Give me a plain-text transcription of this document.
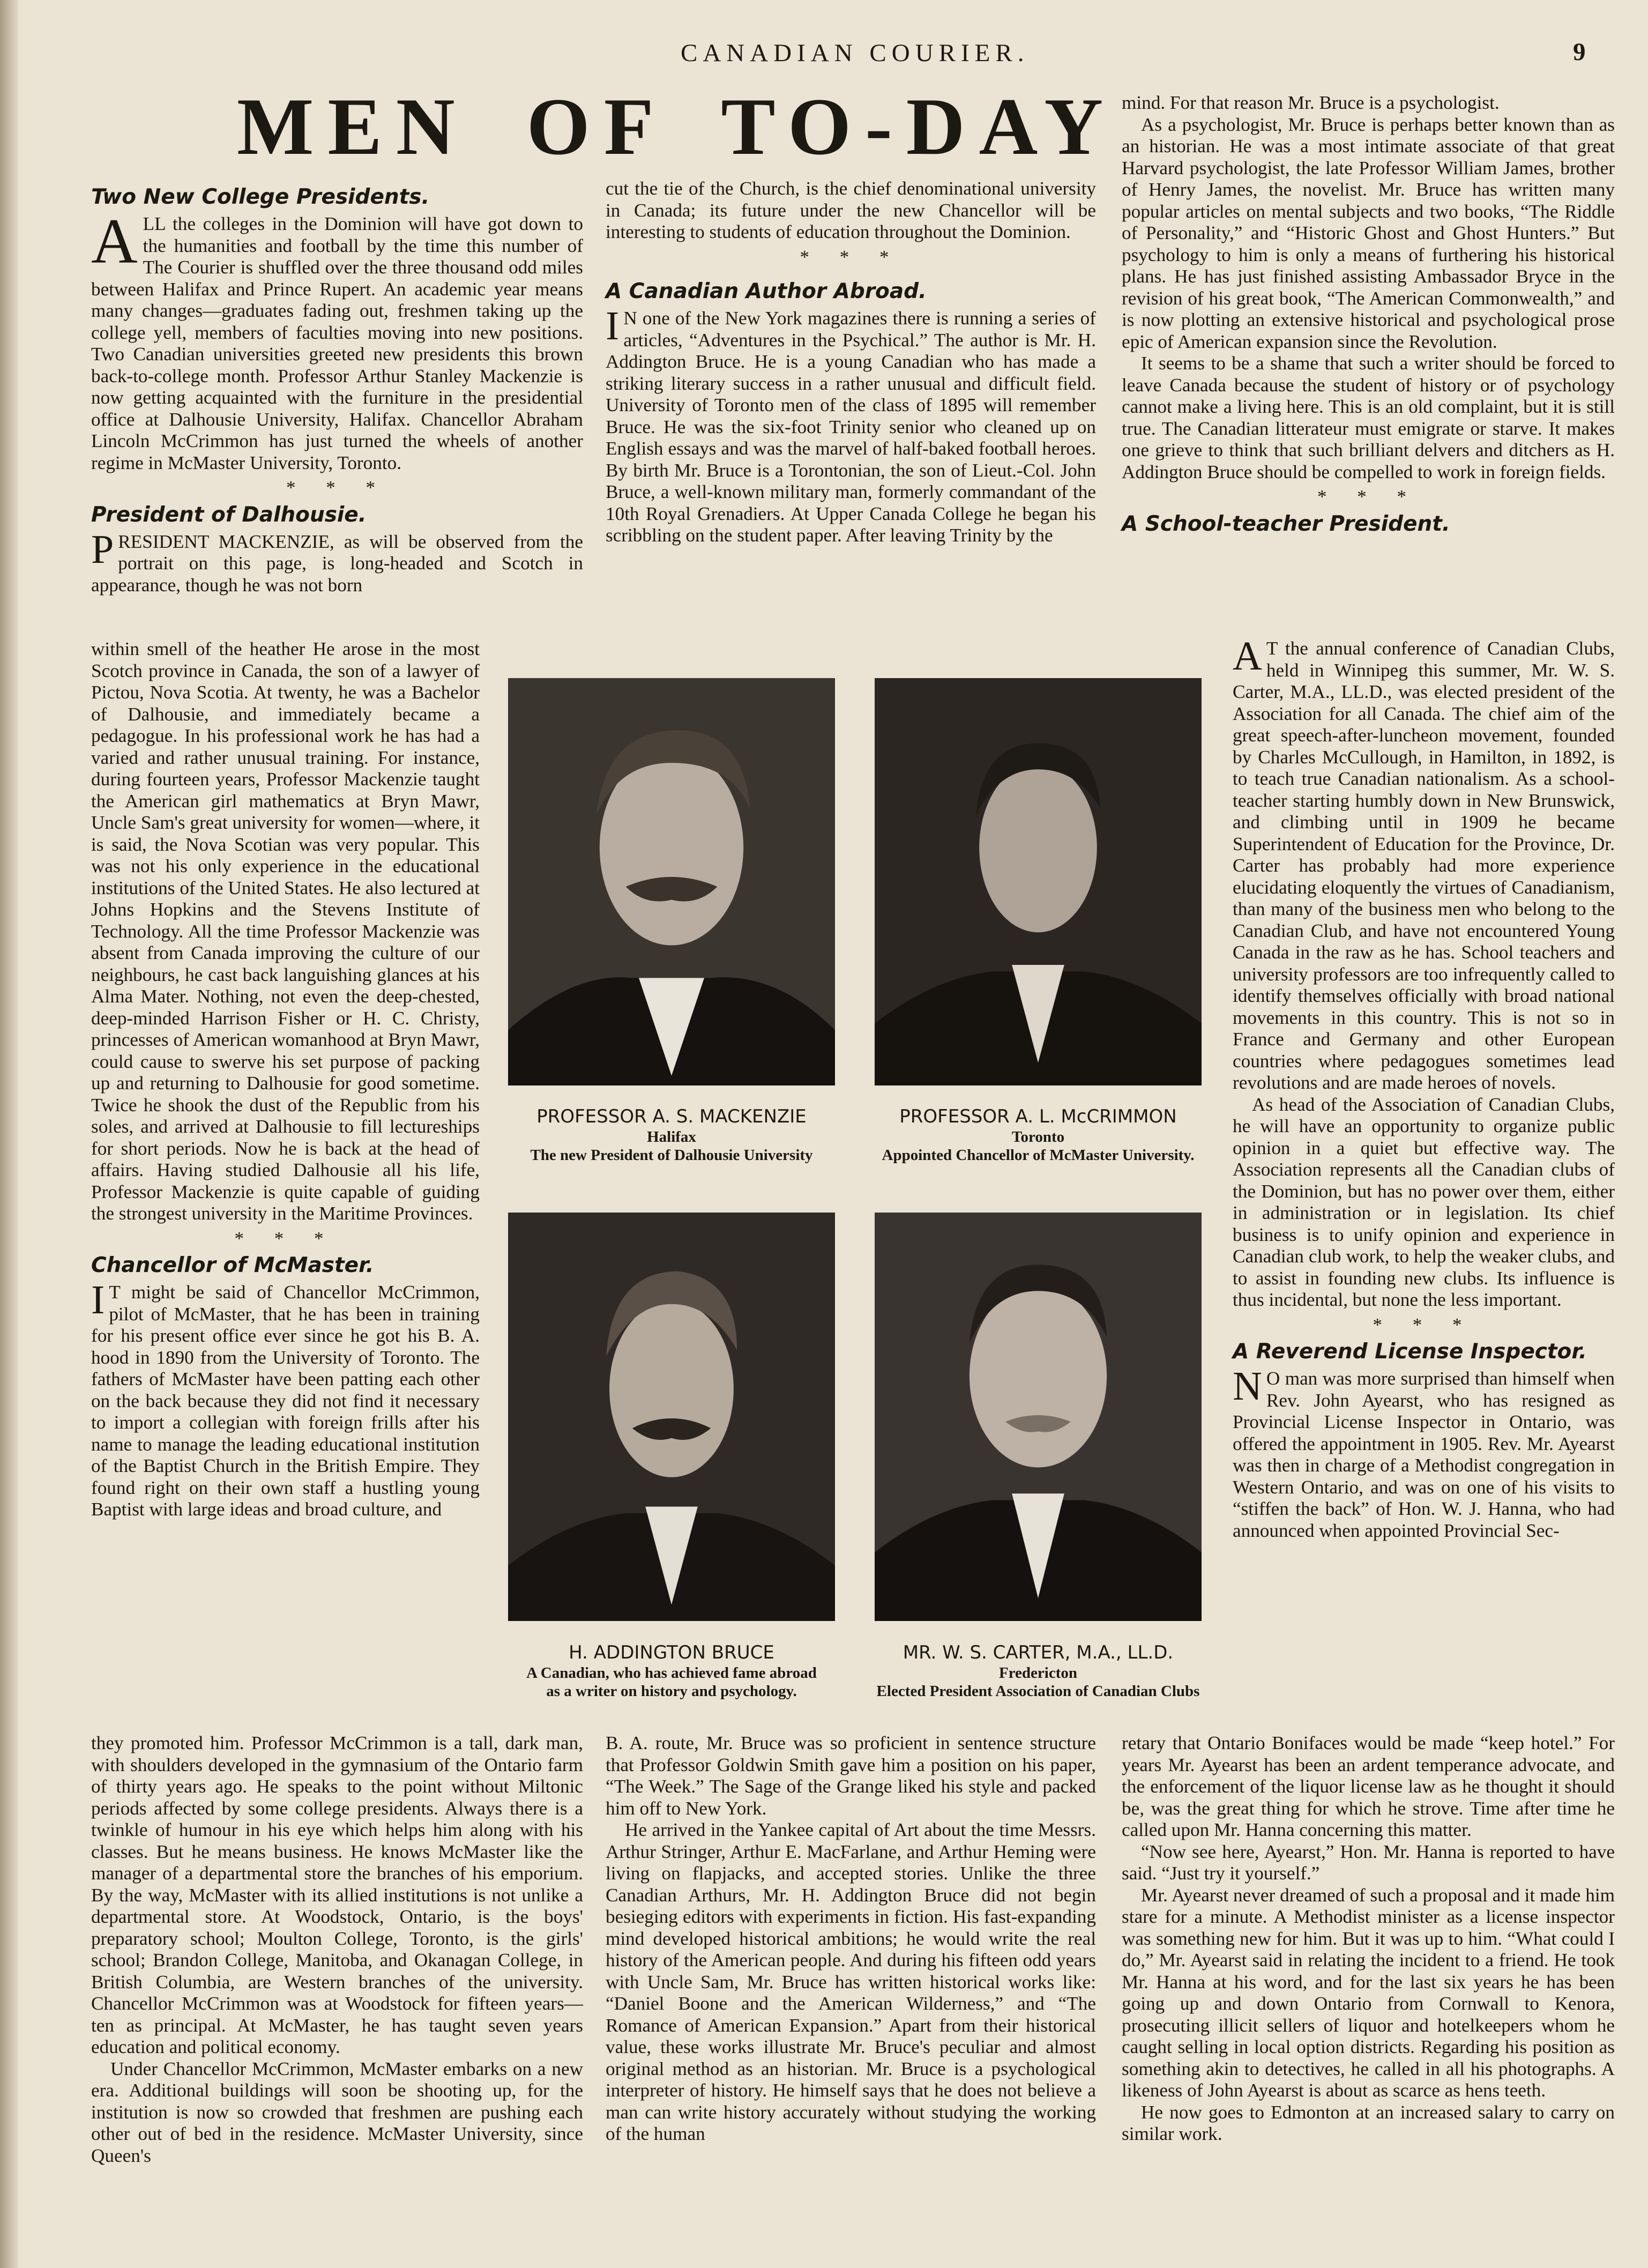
CANADIAN COURIER.	9
MEN OF TO-DAY
Two New College Presidents.
A LL the colleges in the Dominion will have got down to the humanities and football by the time this number of The Courier is shuffled over the three thousand odd miles between Halifax and Prince Rupert. An academic year means many changes—graduates fading out, freshmen taking up the college yell, members of faculties moving into new positions. Two Canadian universities greeted new presidents this brown back-to-college month. Professor Arthur Stanley Mackenzie is now getting acquainted with the furniture in the presidential office at Dalhousie University, Halifax. Chancellor Abraham Lincoln McCrimmon has just turned the wheels of another regime in McMaster University, Toronto.

* * *
President of Dalhousie.
P RESIDENT MACKENZIE, as will be observed from the portrait on this page, is long-headed and Scotch in appearance, though he was not born

within smell of the heather He arose in the most Scotch province in Canada, the son of a lawyer of Pictou, Nova Scotia. At twenty, he was a Bachelor of Dalhousie, and immediately became a pedagogue. In his professional work he has had a varied and rather unusual training. For instance, during fourteen years, Professor Mackenzie taught the American girl mathematics at Bryn Mawr, Uncle Sam's great university for women—where, it is said, the Nova Scotian was very popular. This was not his only experience in the educational institutions of the United States. He also lectured at Johns Hopkins and the Stevens Institute of Technology. All the time Professor Mackenzie was absent from Canada improving the culture of our neighbours, he cast back languishing glances at his Alma Mater. Nothing, not even the deep-chested, deep-minded Harrison Fisher or H. C. Christy, princesses of American womanhood at Bryn Mawr, could cause to swerve his set purpose of packing up and returning to Dalhousie for good sometime. Twice he shook the dust of the Republic from his soles, and arrived at Dalhousie to fill lectureships for short periods. Now he is back at the head of affairs. Having studied Dalhousie all his life, Professor Mackenzie is quite capable of guiding the strongest university in the Maritime Provinces.

* * *
Chancellor of McMaster.
I T might be said of Chancellor McCrimmon, pilot of McMaster, that he has been in training for his present office ever since he got his B. A. hood in 1890 from the University of Toronto. The fathers of McMaster have been patting each other on the back because they did not find it necessary to import a collegian with foreign frills after his name to manage the leading educational institution of the Baptist Church in the British Empire. They found right on their own staff a hustling young Baptist with large ideas and broad culture, and

they promoted him. Professor McCrimmon is a tall, dark man, with shoulders developed in the gymnasium of the Ontario farm of thirty years ago. He speaks to the point without Miltonic periods affected by some college presidents. Always there is a twinkle of humour in his eye which helps him along with his classes. But he means business. He knows McMaster like the manager of a departmental store the branches of his emporium. By the way, McMaster with its allied institutions is not unlike a departmental store. At Woodstock, Ontario, is the boys' preparatory school; Moulton College, Toronto, is the girls' school; Brandon College, Manitoba, and Okanagan College, in British Columbia, are Western branches of the university. Chancellor McCrimmon was at Woodstock for fifteen years—ten as principal. At McMaster, he has taught seven years education and political economy.

Under Chancellor McCrimmon, McMaster embarks on a new era. Additional buildings will soon be shooting up, for the institution is now so crowded that freshmen are pushing each other out of bed in the residence. McMaster University, since Queen's

cut the tie of the Church, is the chief denominational university in Canada; its future under the new Chancellor will be interesting to students of education throughout the Dominion.

* * *
A Canadian Author Abroad.
I N one of the New York magazines there is running a series of articles, “Adventures in the Psychical.” The author is Mr. H. Addington Bruce. He is a young Canadian who has made a striking literary success in a rather unusual and difficult field. University of Toronto men of the class of 1895 will remember Bruce. He was the six-foot Trinity senior who cleaned up on English essays and was the marvel of half-baked football heroes. By birth Mr. Bruce is a Torontonian, the son of Lieut.-Col. John Bruce, a well-known military man, formerly commandant of the 10th Royal Grenadiers. At Upper Canada College he began his scribbling on the student paper. After leaving Trinity by the

B. A. route, Mr. Bruce was so proficient in sentence structure that Professor Goldwin Smith gave him a position on his paper, “The Week.” The Sage of the Grange liked his style and packed him off to New York.

He arrived in the Yankee capital of Art about the time Messrs. Arthur Stringer, Arthur E. MacFarlane, and Arthur Heming were living on flapjacks, and accepted stories. Unlike the three Canadian Arthurs, Mr. H. Addington Bruce did not begin besieging editors with experiments in fiction. His fast-expanding mind developed historical ambitions; he would write the real history of the American people. And during his fifteen odd years with Uncle Sam, Mr. Bruce has written historical works like: “Daniel Boone and the American Wilderness,” and “The Romance of American Expansion.” Apart from their historical value, these works illustrate Mr. Bruce's peculiar and almost original method as an historian. Mr. Bruce is a psychological interpreter of history. He himself says that he does not believe a man can write history accurately without studying the working of the human

mind. For that reason Mr. Bruce is a psychologist.

As a psychologist, Mr. Bruce is perhaps better known than as an historian. He was a most intimate associate of that great Harvard psychologist, the late Professor William James, brother of Henry James, the novelist. Mr. Bruce has written many popular articles on mental subjects and two books, “The Riddle of Personality,” and “Historic Ghost and Ghost Hunters.” But psychology to him is only a means of furthering his historical plans. He has just finished assisting Ambassador Bryce in the revision of his great book, “The American Commonwealth,” and is now plotting an extensive historical and psychological prose epic of American expansion since the Revolution.

It seems to be a shame that such a writer should be forced to leave Canada because the student of history or of psychology cannot make a living here. This is an old complaint, but it is still true. The Canadian litterateur must emigrate or starve. It makes one grieve to think that such brilliant delvers and ditchers as H. Addington Bruce should be compelled to work in foreign fields.

* * *
A School-teacher President.
A T the annual conference of Canadian Clubs, held in Winnipeg this summer, Mr. W. S. Carter, M.A., LL.D., was elected president of the Association for all Canada. The chief aim of the great speech-after-luncheon movement, founded by Charles McCullough, in Hamilton, in 1892, is to teach true Canadian nationalism. As a school-teacher starting humbly down in New Brunswick, and climbing until in 1909 he became Superintendent of Education for the Province, Dr. Carter has probably had more experience elucidating eloquently the virtues of Canadianism, than many of the business men who belong to the Canadian Club, and have not encountered Young Canada in the raw as he has. School teachers and university professors are too infrequently called to identify themselves officially with broad national movements in this country. This is not so in France and Germany and other European countries where pedagogues sometimes lead revolutions and are made heroes of novels.

As head of the Association of Canadian Clubs, he will have an opportunity to organize public opinion in a quiet but effective way. The Association represents all the Canadian clubs of the Dominion, but has no power over them, either in administration or in legislation. Its chief business is to unify opinion and experience in Canadian club work, to help the weaker clubs, and to assist in founding new clubs. Its influence is thus incidental, but none the less important.

* * *
A Reverend License Inspector.
N O man was more surprised than himself when Rev. John Ayearst, who has resigned as Provincial License Inspector in Ontario, was offered the appointment in 1905. Rev. Mr. Ayearst was then in charge of a Methodist congregation in Western Ontario, and was on one of his visits to “stiffen the back” of Hon. W. J. Hanna, who had announced when appointed Provincial Sec-

retary that Ontario Bonifaces would be made “keep hotel.” For years Mr. Ayearst has been an ardent temperance advocate, and the enforcement of the liquor license law as he thought it should be, was the great thing for which he strove. Time after time he called upon Mr. Hanna concerning this matter.

“Now see here, Ayearst,” Hon. Mr. Hanna is reported to have said. “Just try it yourself.”

Mr. Ayearst never dreamed of such a proposal and it made him stare for a minute. A Methodist minister as a license inspector was something new for him. But it was up to him. “What could I do,” Mr. Ayearst said in relating the incident to a friend. He took Mr. Hanna at his word, and for the last six years he has been going up and down Ontario from Cornwall to Kenora, prosecuting illicit sellers of liquor and hotelkeepers whom he caught selling in local option districts. Regarding his position as something akin to detectives, he called in all his photographs. A likeness of John Ayearst is about as scarce as hens teeth.

He now goes to Edmonton at an increased salary to carry on similar work.

PROFESSOR A. S. MACKENZIE
Halifax
The new President of Dalhousie University
PROFESSOR A. L. McCRIMMON
Toronto
Appointed Chancellor of McMaster University.
H. ADDINGTON BRUCE
A Canadian, who has achieved fame abroad
as a writer on history and psychology.
MR. W. S. CARTER, M.A., LL.D.
Fredericton
Elected President Association of Canadian Clubs
